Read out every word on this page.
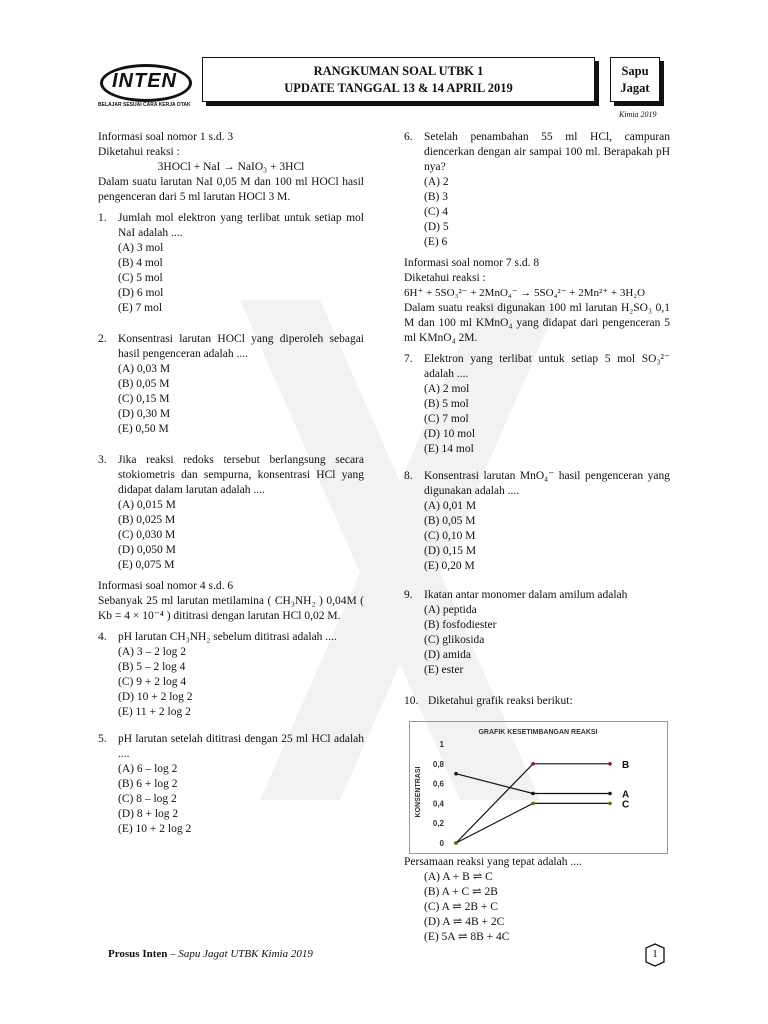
INTEN
BELAJAR SESUAI CARA KERJA OTAK
RANGKUMAN SOAL UTBK 1
UPDATE TANGGAL 13 & 14 APRIL 2019
Sapu
Jagat
Kimia 2019

Informasi soal nomor 1 s.d. 3

Diketahui reaksi :

3HOCl + NaI → NaIO₃ + 3HCl

Dalam suatu larutan NaI 0,05 M dan 100 ml HOCl hasil pengenceran dari 5 ml larutan HOCl 3 M.

1. Jumlah mol elektron yang terlibat untuk setiap mol NaI adalah ....

(A) 3 mol

(B) 4 mol

(C) 5 mol

(D) 6 mol

(E) 7 mol

2. Konsentrasi larutan HOCl yang diperoleh sebagai hasil pengenceran adalah ....

(A) 0,03 M

(B) 0,05 M

(C) 0,15 M

(D) 0,30 M

(E) 0,50 M

3. Jika reaksi redoks tersebut berlangsung secara stokiometris dan sempurna, konsentrasi HCl yang didapat dalam larutan adalah ....

(A) 0,015 M

(B) 0,025 M

(C) 0,030 M

(D) 0,050 M

(E) 0,075 M

Informasi soal nomor 4 s.d. 6

Sebanyak 25 ml larutan metilamina ( CH₃NH₂ ) 0,04M ( Kb = 4 × 10⁻⁴ ) dititrasi dengan larutan HCl 0,02 M.

4. pH larutan CH₃NH₂ sebelum dititrasi adalah ....

(A) 3 – 2 log 2

(B) 5 – 2 log 4

(C) 9 + 2 log 4

(D) 10 + 2 log 2

(E) 11 + 2 log 2

5. pH larutan setelah dititrasi dengan 25 ml HCl adalah ....

(A) 6 – log 2

(B) 6 + log 2

(C) 8 – log 2

(D) 8 + log 2

(E) 10 + 2 log 2

6. Setelah penambahan 55 ml HCl, campuran diencerkan dengan air sampai 100 ml. Berapakah pH nya?

(A) 2

(B) 3

(C) 4

(D) 5

(E) 6

Informasi soal nomor 7 s.d. 8

Diketahui reaksi :

6H⁺ + 5SO₃²⁻ + 2MnO₄⁻ → 5SO₄²⁻ + 2Mn²⁺ + 3H₂O

Dalam suatu reaksi digunakan 100 ml larutan H₂SO₃ 0,1 M dan 100 ml KMnO₄ yang didapat dari pengenceran 5 ml KMnO₄ 2M.

7. Elektron yang terlibat untuk setiap 5 mol SO₃²⁻ adalah ....

(A) 2 mol

(B) 5 mol

(C) 7 mol

(D) 10 mol

(E) 14 mol

8. Konsentrasi larutan MnO₄⁻ hasil pengenceran yang digunakan adalah ....

(A) 0,01 M

(B) 0,05 M

(C) 0,10 M

(D) 0,15 M

(E) 0,20 M

9. Ikatan antar monomer dalam amilum adalah

(A) peptida

(B) fosfodiester

(C) glikosida

(D) amida

(E) ester

10. Diketahui grafik reaksi berikut:
GRAFIK KESETIMBANGAN REAKSI
KONSENTRASI
0
0,2
0,4
0,6
0,8
1
A
B
C

Persamaan reaksi yang tepat adalah ....

(A) A + B ⇌ C

(B) A + C ⇌ 2B

(C) A ⇌ 2B + C

(D) A ⇌ 4B + 2C

(E) 5A ⇌ 8B + 4C

Prosus Inten – Sapu Jagat UTBK Kimia 2019	1
